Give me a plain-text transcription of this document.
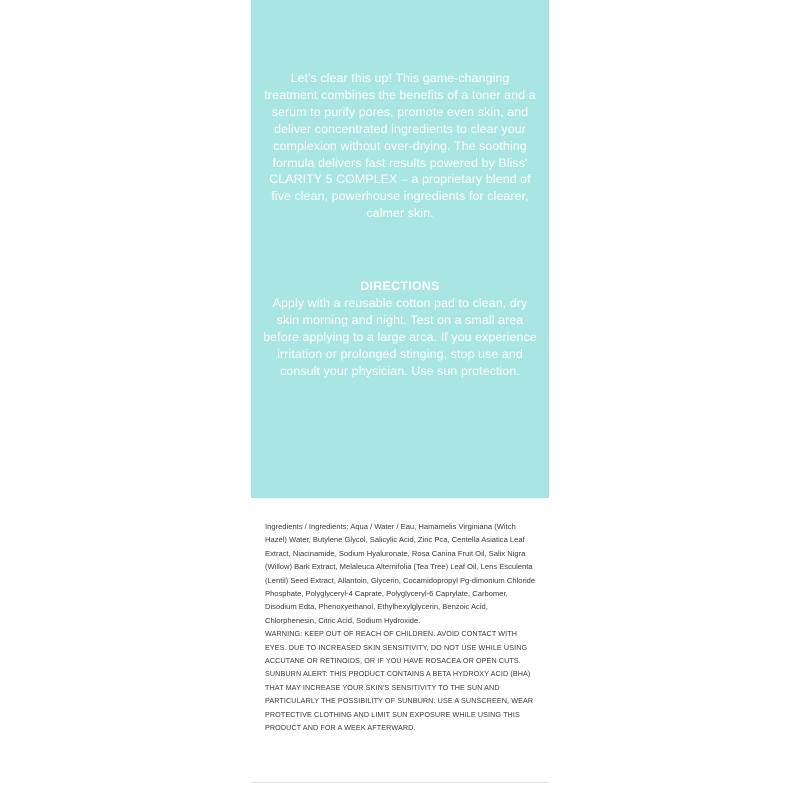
Let's clear this up! This game-changing treatment combines the benefits of a toner and a serum to purify pores, promote even skin, and deliver concentrated ingredients to clear your complexion without over-drying. The soothing formula delivers fast results powered by Bliss' CLARITY 5 COMPLEX – a proprietary blend of five clean, powerhouse ingredients for clearer, calmer skin.

DIRECTIONS

Apply with a reusable cotton pad to clean, dry skin morning and night. Test on a small area before applying to a large arca. If you experience irritation or prolonged stinging, stop use and consult your physician. Use sun protection.

Ingredients / Ingredients: Aqua / Water / Eau, Hamamelis Virginiana (Witch Hazel) Water, Butylene Glycol, Salicylic Acid, Zinc Pca, Centella Asiatica Leaf Extract, Niacinamide, Sodium Hyaluronate, Rosa Canina Fruit Oil, Salix Nigra (Willow) Bark Extract, Melaleuca Alternifolia (Tea Tree) Leaf Oil, Lens Esculenta (Lentil) Seed Extract, Allantoin, Glycerin, Cocamidopropyl Pg-dimonium Chloride Phosphate, Polyglyceryl-4 Caprate, Polyglyceryl-6 Caprylate, Carbomer, Disodium Edta, Phenoxyethanol, Ethylhexylglycerin, Benzoic Acid, Chlorphenesin, Citric Acid, Sodium Hydroxide.
WARNING: KEEP OUT OF REACH OF CHILDREN. AVOID CONTACT WITH EYES. DUE TO INCREASED SKIN SENSITIVITY, DO NOT USE WHILE USING ACCUTANE OR RETINOIDS, OR IF YOU HAVE ROSACEA OR OPEN CUTS.
SUNBURN ALERT: THIS PRODUCT CONTAINS A BETA HYDROXY ACID (BHA) THAT MAY INCREASE YOUR SKIN'S SENSITIVITY TO THE SUN AND PARTICULARLY THE POSSIBILITY OF SUNBURN. USE A SUNSCREEN, WEAR PROTECTIVE CLOTHING AND LIMIT SUN EXPOSURE WHILE USING THIS PRODUCT AND FOR A WEEK AFTERWARD.
